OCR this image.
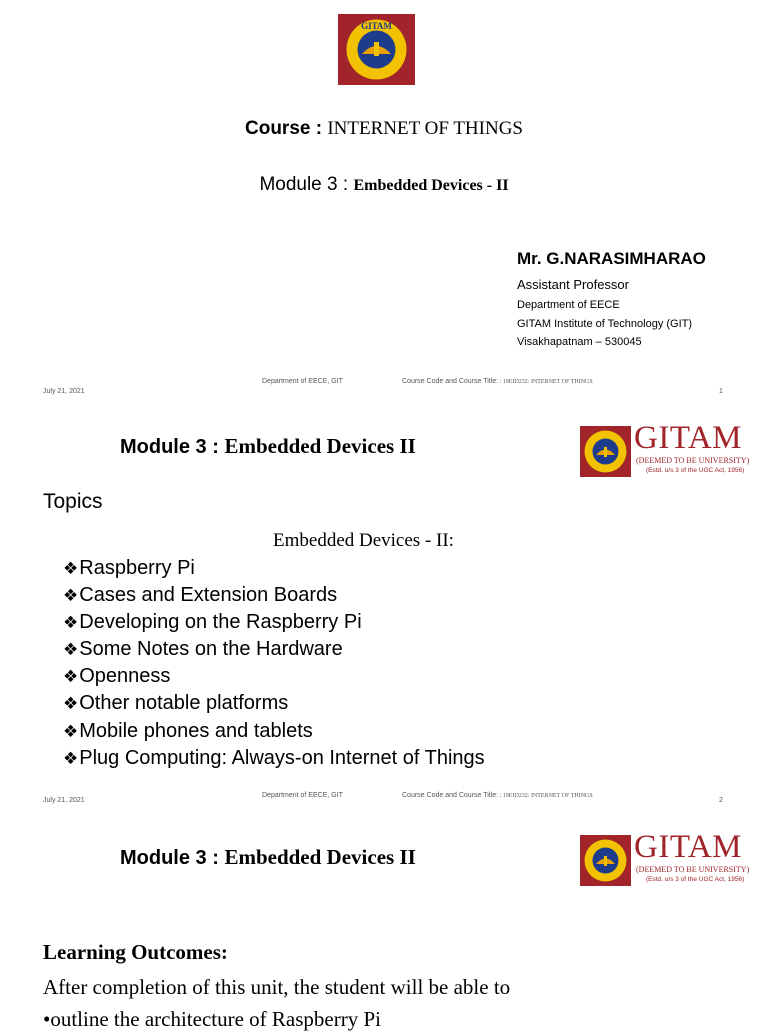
GITAM
Course : INTERNET OF THINGS
Module 3 : Embedded Devices - II
Mr. G.NARASIMHARAO
Assistant Professor
Department of EECE
GITAM Institute of Technology (GIT)
Visakhapatnam – 530045
July 21, 2021
Department of EECE, GIT	Course Code and Course Title: : 19EID232: INTERNET OF THINGS
1
Module 3 : Embedded Devices II	GITAM
(DEEMED TO BE UNIVERSITY)
(Estd. u/s 3 of the UGC Act, 1956)
Topics
Embedded Devices - II:
❖Raspberry Pi
❖Cases and Extension Boards
❖Developing on the Raspberry Pi
❖Some Notes on the Hardware
❖Openness
❖Other notable platforms
❖Mobile phones and tablets
❖Plug Computing: Always-on Internet of Things
July 21, 2021
Department of EECE, GIT	Course Code and Course Title: : 19EID232: INTERNET OF THINGS
2
Module 3 : Embedded Devices II	GITAM
(DEEMED TO BE UNIVERSITY)
(Estd. u/s 3 of the UGC Act, 1956)
Learning Outcomes:
After completion of this unit, the student will be able to
•outline the architecture of Raspberry Pi
